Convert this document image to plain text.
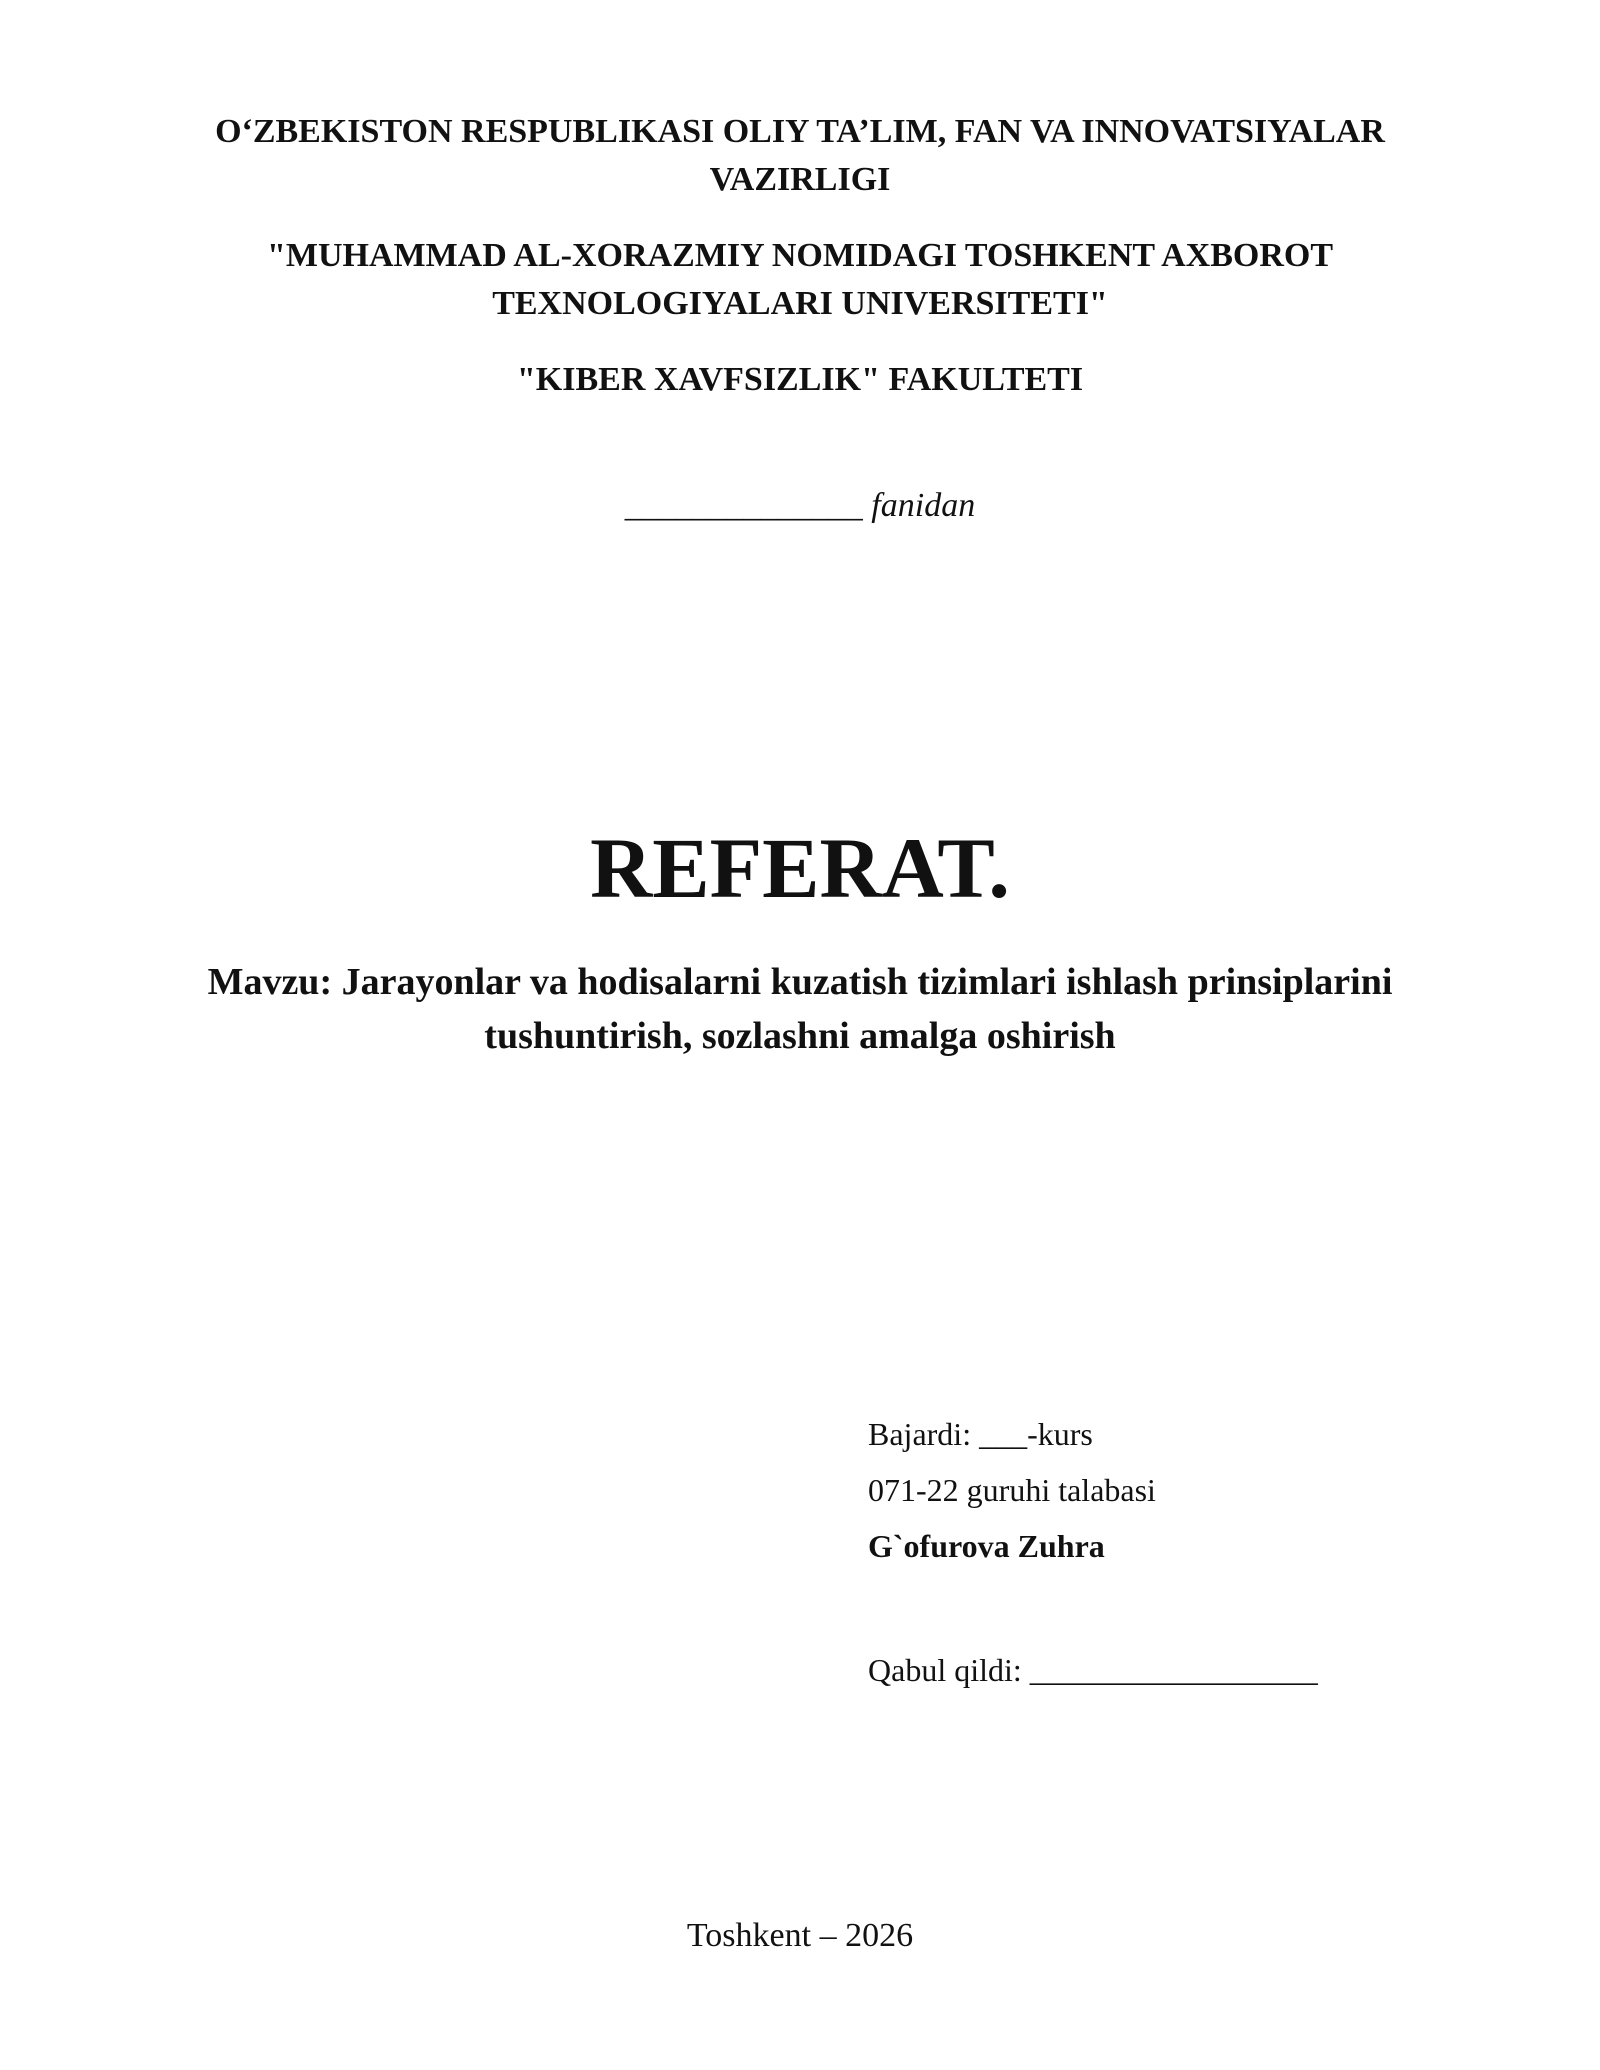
O‘ZBEKISTON RESPUBLIKASI OLIY TA’LIM, FAN VA INNOVATSIYALAR
VAZIRLIGI
"MUHAMMAD AL-XORAZMIY NOMIDAGI TOSHKENT AXBOROT
TEXNOLOGIYALARI UNIVERSITETI"
"KIBER XAVFSIZLIK" FAKULTETI
______________ fanidan
REFERAT.
Mavzu: Jarayonlar va hodisalarni kuzatish tizimlari ishlash prinsiplarini
tushuntirish, sozlashni amalga oshirish
Bajardi: ___-kurs
071-22 guruhi talabasi
G`ofurova Zuhra
Qabul qildi: __________________
Toshkent – 2026
